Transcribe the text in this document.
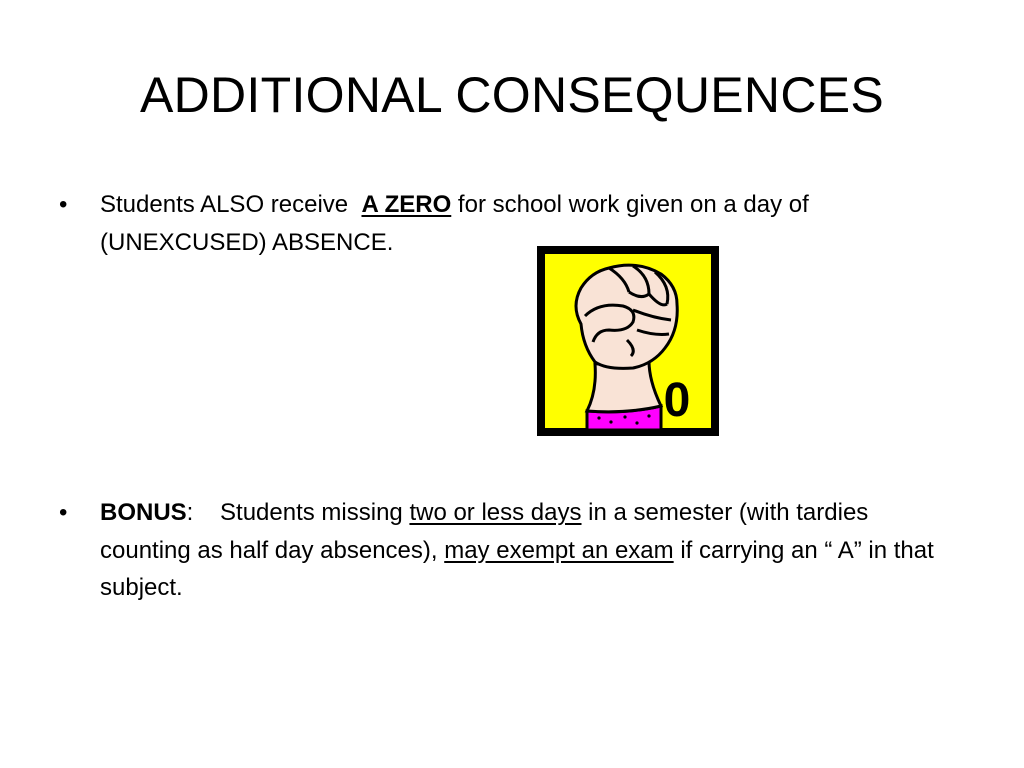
ADDITIONAL CONSEQUENCES
• Students ALSO receive  A ZERO for school work given on a day of (UNEXCUSED) ABSENCE.
0
• BONUS: Students missing two or less days in a semester (with tardies counting as half day absences), may exempt an exam if carrying an “ A” in that subject.
